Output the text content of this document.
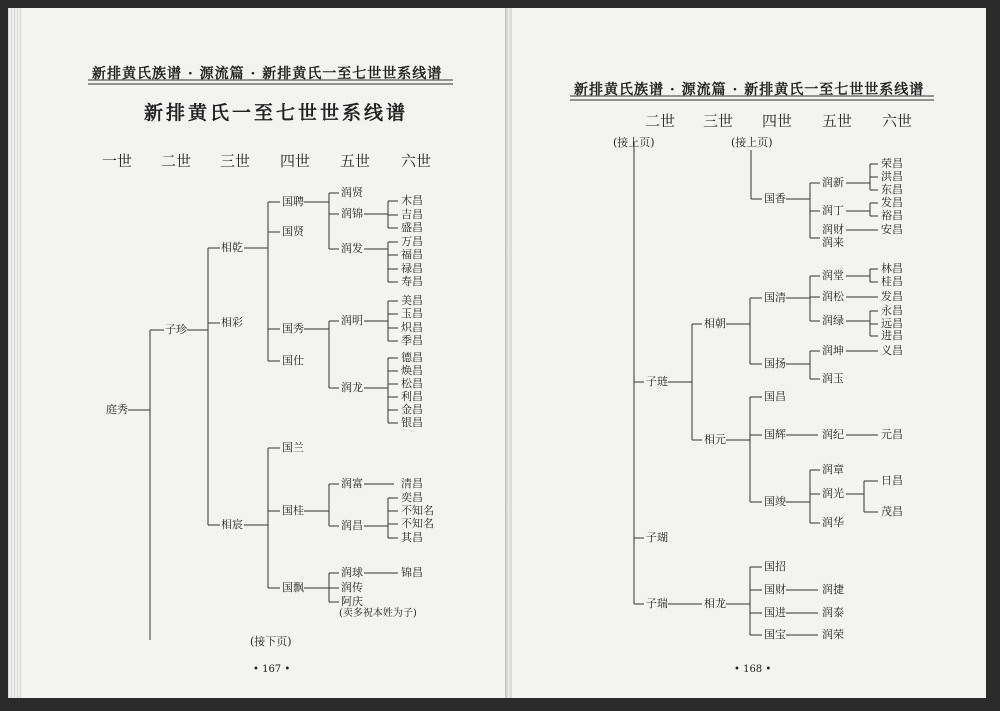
新排黄氏族谱 · 源流篇 · 新排黄氏一至七世世系线谱
新排黄氏一至七世世系线谱
一世 二世 三世 四世 五世 六世
庭秀
子珍
相乾
相彩
相宸
国聘
国贤
国秀
国仕
国兰
国桂
国飘
润贤
润锦
润发
润明
润龙
润富
润昌
润球
润传
阿庆
(卖多祝本姓为子)
木昌
吉昌
盛昌
万昌
福昌
禄昌
寿昌
美昌
玉昌
炽昌
季昌
德昌
焕昌
松昌
利昌
金昌
银昌
清昌
奕昌
不知名
不知名
其昌
锦昌
(接下页)
• 167 •
新排黄氏族谱 · 源流篇 · 新排黄氏一至七世世系线谱
二世 三世 四世 五世 六世
(接上页)	(接上页)
子琏
子瑚
子瑞
相朝
相元
相龙
国香
国清
国扬
国昌
国辉
国竣
国招
国财
国进
国宝
润新
润丁
润财
润来
润堂
润松
润绿
润坤
润玉
润纪
润章
润光
润华
润捷
润泰
润荣
荣昌
洪昌
东昌
发昌
裕昌
安昌
林昌
桂昌
发昌
永昌
远昌
进昌
义昌
元昌
日昌
茂昌
• 168 •
